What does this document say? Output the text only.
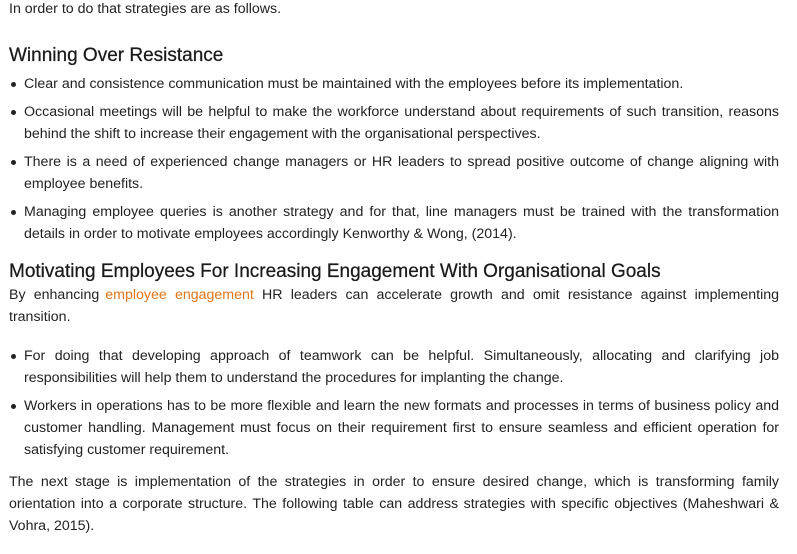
In order to do that strategies are as follows.

Winning Over Resistance
Clear and consistence communication must be maintained with the employees before its implementation.
Occasional meetings will be helpful to make the workforce understand about requirements of such transition, reasons behind the shift to increase their engagement with the organisational perspectives.
There is a need of experienced change managers or HR leaders to spread positive outcome of change aligning with employee benefits.
Managing employee queries is another strategy and for that, line managers must be trained with the transformation details in order to motivate employees accordingly Kenworthy & Wong, (2014).
Motivating Employees For Increasing Engagement With Organisational Goals

By enhancing employee engagement HR leaders can accelerate growth and omit resistance against implementing transition.

For doing that developing approach of teamwork can be helpful. Simultaneously, allocating and clarifying job responsibilities will help them to understand the procedures for implanting the change.
Workers in operations has to be more flexible and learn the new formats and processes in terms of business policy and customer handling. Management must focus on their requirement first to ensure seamless and efficient operation for satisfying customer requirement.

The next stage is implementation of the strategies in order to ensure desired change, which is transforming family orientation into a corporate structure. The following table can address strategies with specific objectives (Maheshwari & Vohra, 2015).
